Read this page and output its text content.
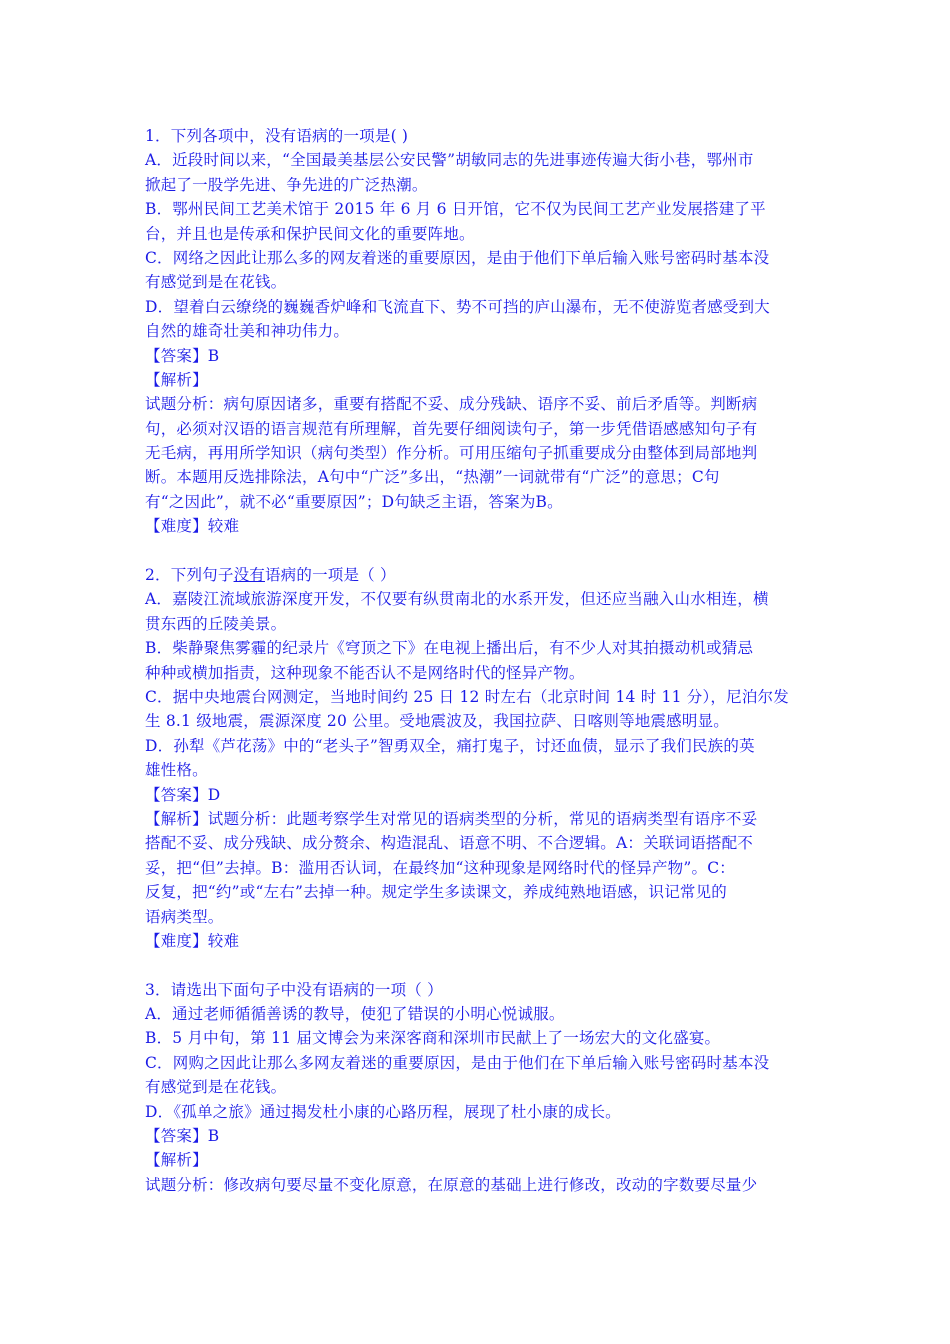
1．下列各项中，没有语病的一项是( )
A．近段时间以来，“全国最美基层公安民警”胡敏同志的先进事迹传遍大街小巷，鄂州市
掀起了一股学先进、争先进的广泛热潮。
B．鄂州民间工艺美术馆于 2015 年 6 月 6 日开馆，它不仅为民间工艺产业发展搭建了平
台，并且也是传承和保护民间文化的重要阵地。
C．网络之因此让那么多的网友着迷的重要原因，是由于他们下单后输入账号密码时基本没
有感觉到是在花钱。
D．望着白云缭绕的巍巍香炉峰和飞流直下、势不可挡的庐山瀑布，无不使游览者感受到大
自然的雄奇壮美和神功伟力。
【答案】B
【解析】
试题分析：病句原因诸多，重要有搭配不妥、成分残缺、语序不妥、前后矛盾等。判断病
句，必须对汉语的语言规范有所理解，首先要仔细阅读句子，第一步凭借语感感知句子有
无毛病，再用所学知识（病句类型）作分析。可用压缩句子抓重要成分由整体到局部地判
断。本题用反选排除法，A句中“广泛”多出，“热潮”一词就带有“广泛”的意思；C句
有“之因此”，就不必“重要原因”；D句缺乏主语，答案为B。
【难度】较难
2．下列句子没有语病的一项是（ ）
A．嘉陵江流域旅游深度开发，不仅要有纵贯南北的水系开发，但还应当融入山水相连，横
贯东西的丘陵美景。
B．柴静聚焦雾霾的纪录片《穹顶之下》在电视上播出后，有不少人对其拍摄动机或猜忌
种种或横加指责，这种现象不能否认不是网络时代的怪异产物。
C．据中央地震台网测定，当地时间约 25 日 12 时左右（北京时间 14 时 11 分），尼泊尔发
生 8.1 级地震，震源深度 20 公里。受地震波及，我国拉萨、日喀则等地震感明显。
D．孙犁《芦花荡》中的“老头子”智勇双全，痛打鬼子，讨还血债，显示了我们民族的英
雄性格。
【答案】D
【解析】试题分析：此题考察学生对常见的语病类型的分析，常见的语病类型有语序不妥
搭配不妥、成分残缺、成分赘余、构造混乱、语意不明、不合逻辑。A：关联词语搭配不
妥，把“但”去掉。B：滥用否认词，在最终加“这种现象是网络时代的怪异产物”。C：
反复，把“约”或“左右”去掉一种。规定学生多读课文，养成纯熟地语感，识记常见的
语病类型。
【难度】较难
3．请选出下面句子中没有语病的一项（ ）
A．通过老师循循善诱的教导，使犯了错误的小明心悦诚服。
B．5 月中旬，第 11 届文博会为来深客商和深圳市民献上了一场宏大的文化盛宴。
C．网购之因此让那么多网友着迷的重要原因，是由于他们在下单后输入账号密码时基本没
有感觉到是在花钱。
D．《孤单之旅》通过揭发杜小康的心路历程，展现了杜小康的成长。
【答案】B
【解析】
试题分析：修改病句要尽量不变化原意，在原意的基础上进行修改，改动的字数要尽量少
